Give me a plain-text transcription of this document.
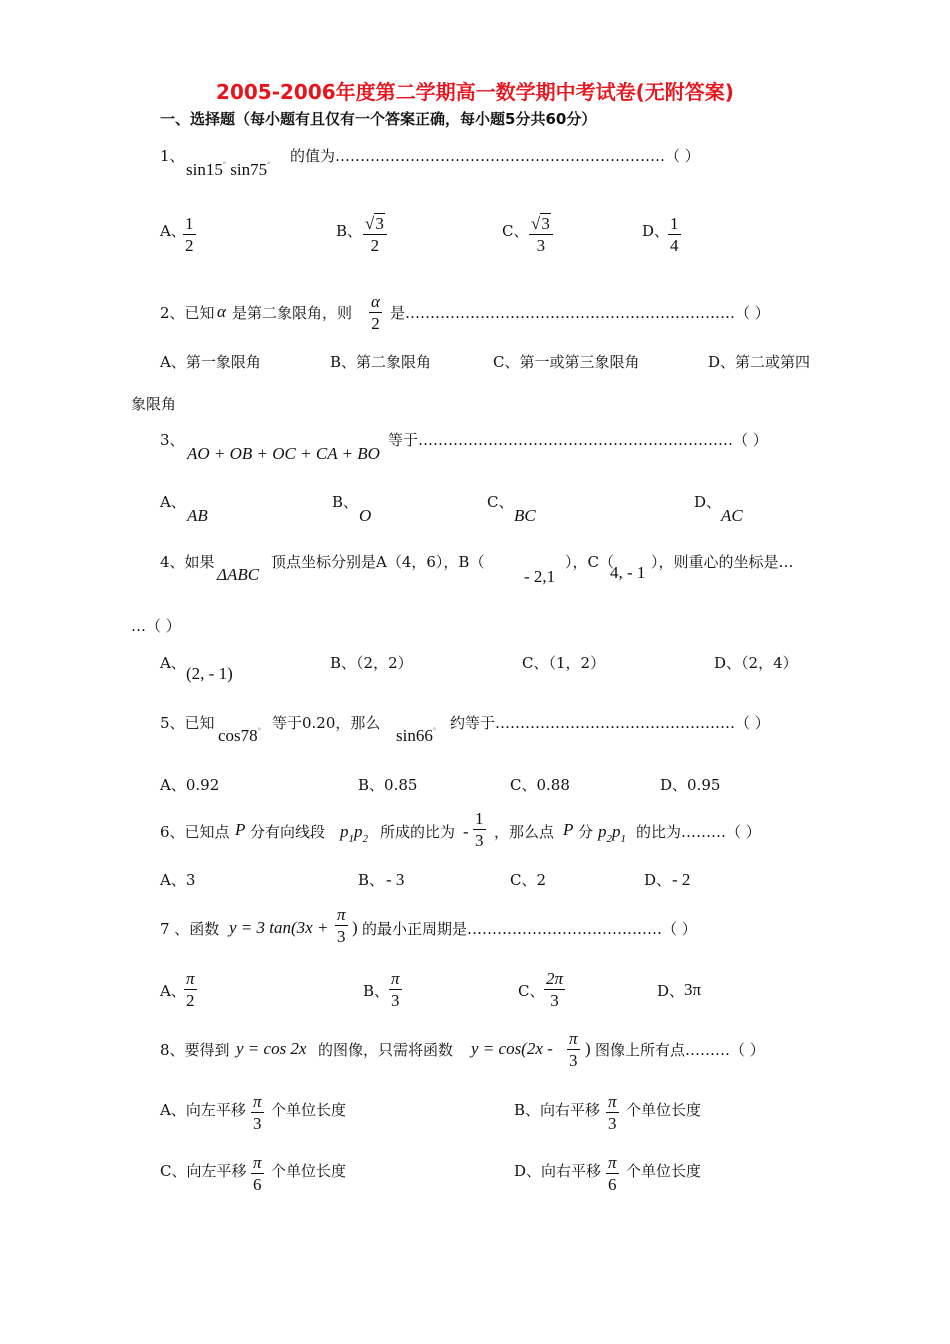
2005-2006年度第二学期高一数学期中考试卷(无附答案)
一、选择题（每小题有且仅有一个答案正确，每小题5分共60分）
1、
sin15° sin75° 的值为…………………………………………………………（ ）
A、 1
2
B、 √3
2
C、 √3
3
D、 1
4
2、已知 α 是第二象限角，则
α
2
是…………………………………………………………（ ）
A、第一象限角	B、第二象限角	C、第一或第三象限角	D、第二或第四
象限角
3、
AO + OB + OC + CA + BO
等于………………………………………………………（ ）
A、
AB
B、
O
C、
BC
D、
AC
4、如果
ΔABC
顶点坐标分别是A（4，6），B（
- 2,1
），C（
4, - 1
），则重心的坐标是…
…（ ）
A、
(2, - 1)
B、（2，2）	C、（1，2）	D、（2，4）
5、已知
cos78° 等于0.20，那么
sin66° 约等于…………………………………………（ ）
A、0.92	B、0.85	C、0.88	D、0.95
6、已知点 P 分有向线段 $p_1p_2$ 所成的比为 -
1
3 ，那么点 P 分 $p_2p_1$ 的比为………（ ）
A、3	B、 - 3	C、2	D、 - 2
7 、函数 y = 3 tan(3x +
π
3 ) 的最小正周期是…………………………………（ ）
A、
π
2	B、
π
3	C、
2π
3	D、 3π
8、要得到 y = cos 2x 的图像，只需将函数 y = cos(2x -
π
3
) 图像上所有点………（ ）
A、向左平移 π
3
个单位长度	B、向右平移 π
3
个单位长度
C、向左平移 π
6
个单位长度	D、向右平移 π
6
个单位长度
